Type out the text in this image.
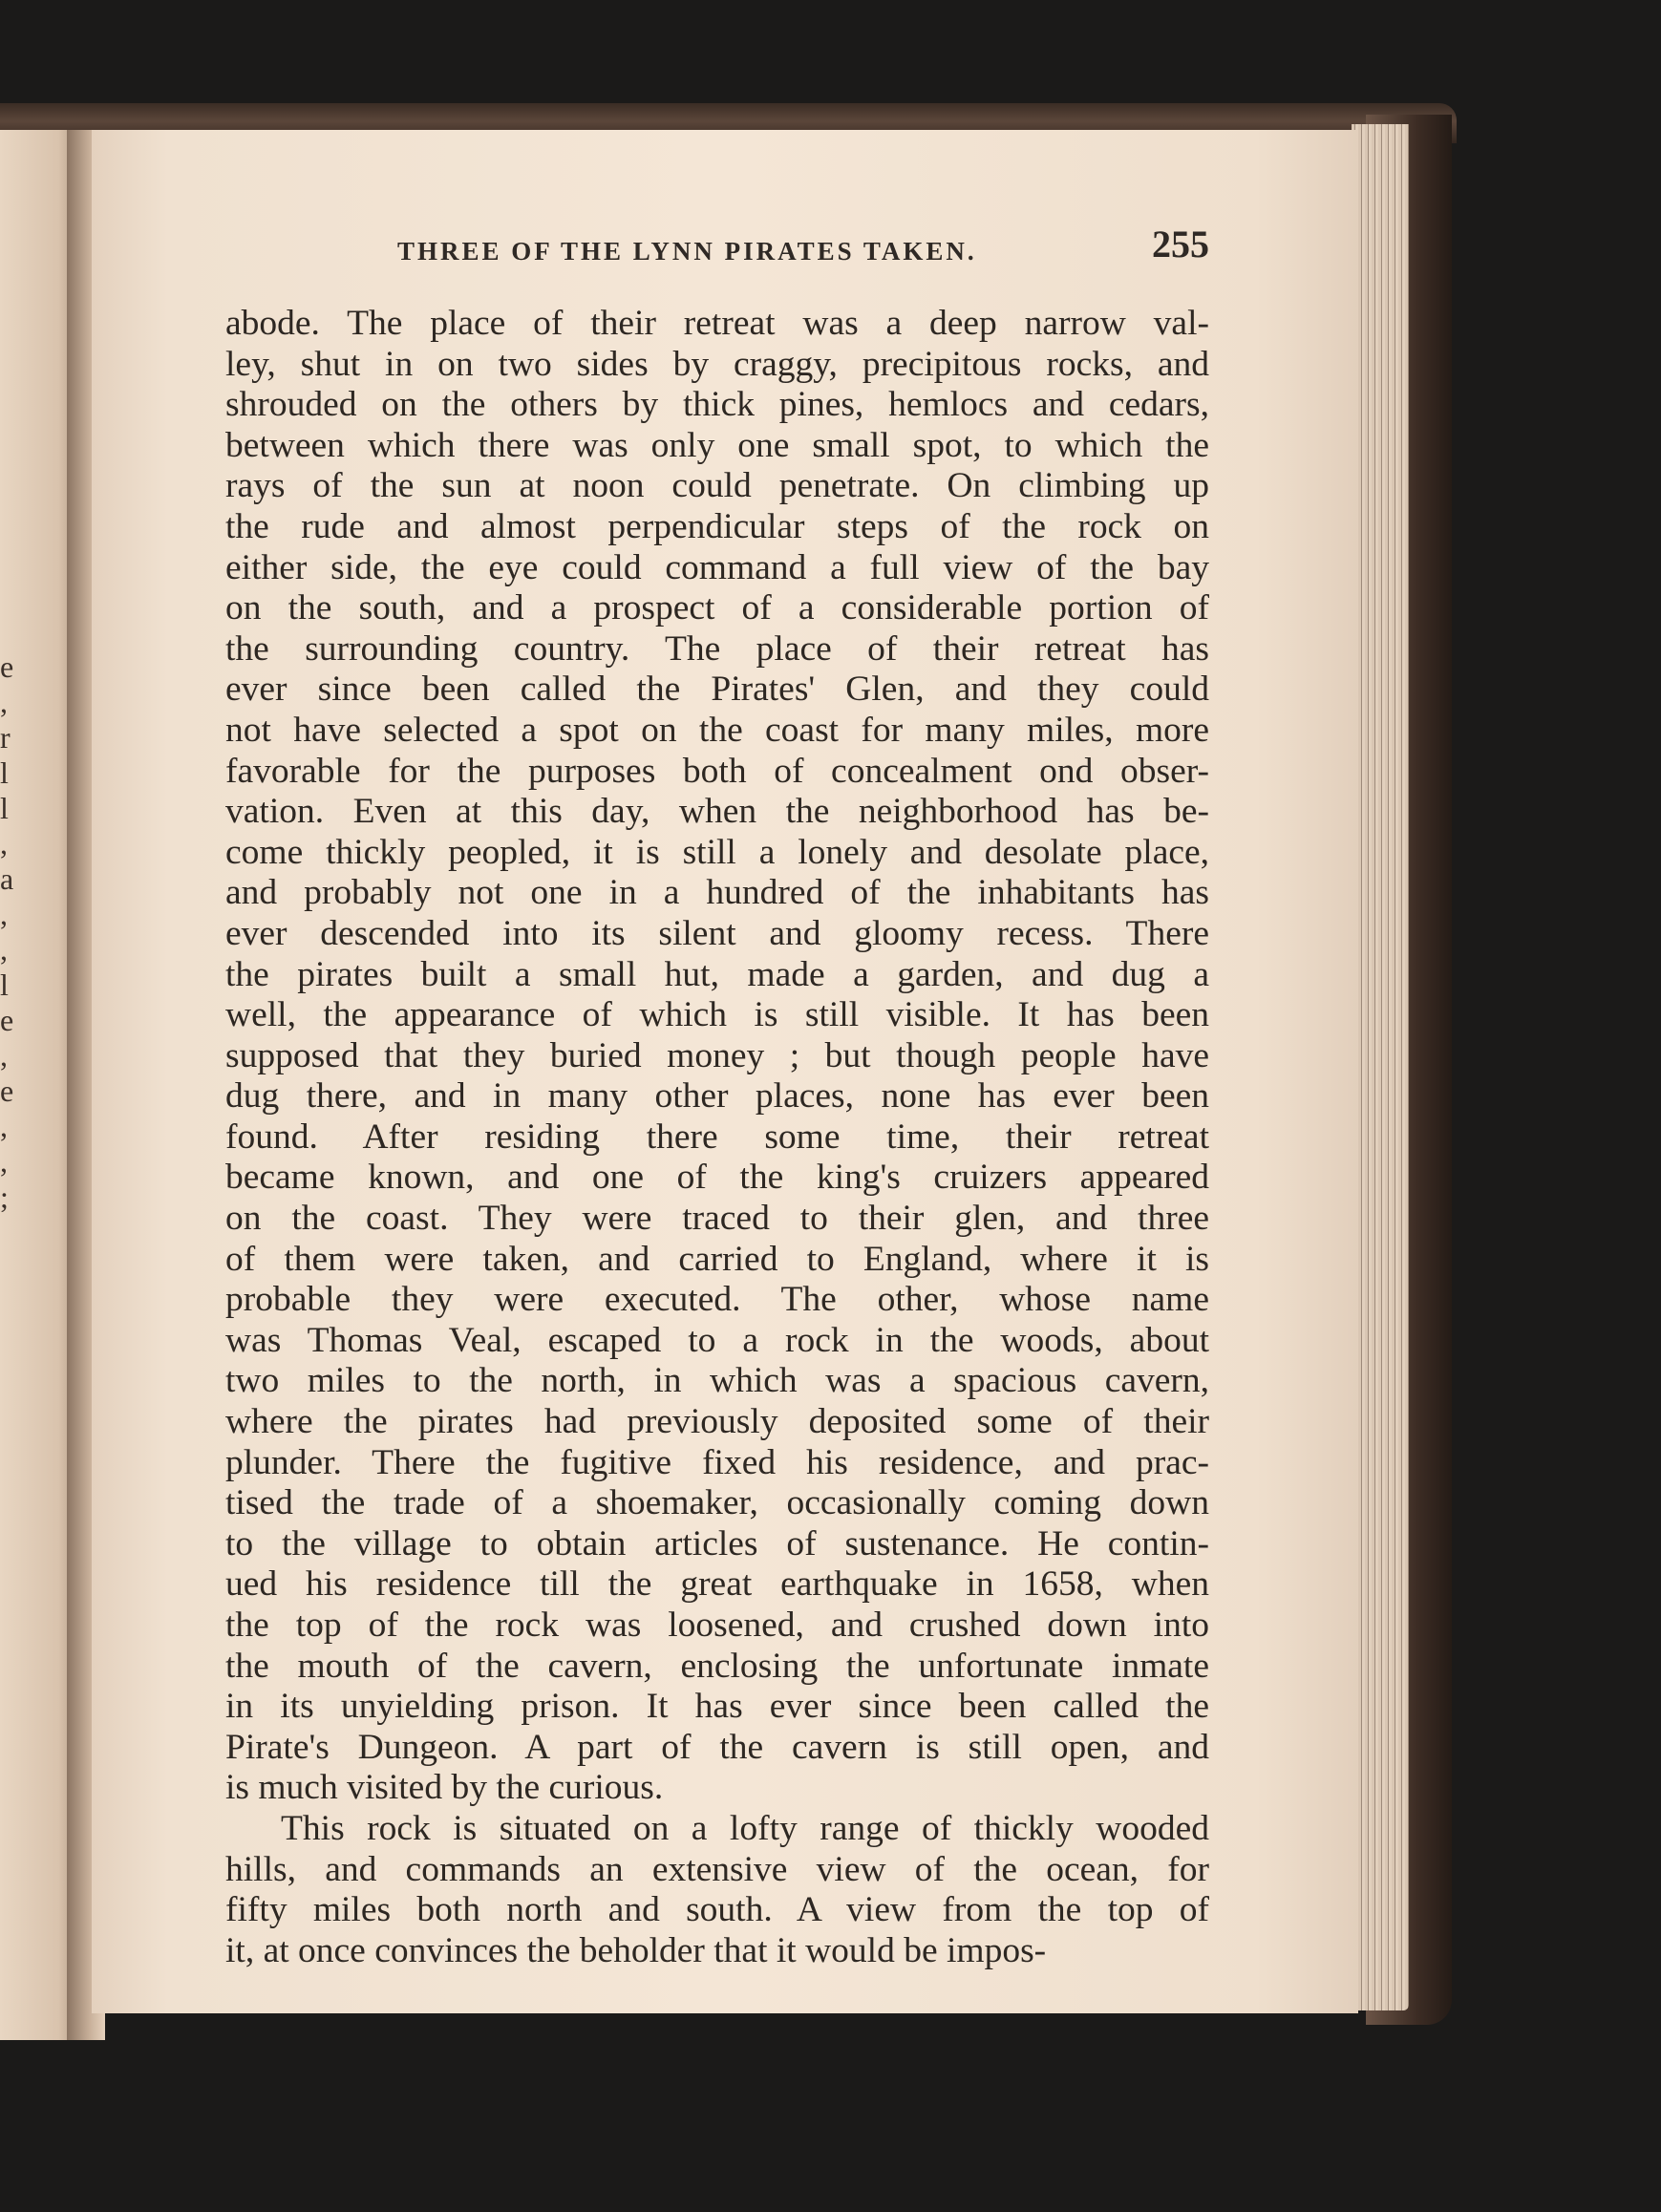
e
,
r
l
l
,
a
,
,
l
e
,
e
,
,
;
THREE OF THE LYNN PIRATES TAKEN.	255
abode. The place of their retreat was a deep narrow val-
ley, shut in on two sides by craggy, precipitous rocks, and
shrouded on the others by thick pines, hemlocs and cedars,
between which there was only one small spot, to which the
rays of the sun at noon could penetrate. On climbing up
the rude and almost perpendicular steps of the rock on
either side, the eye could command a full view of the bay
on the south, and a prospect of a considerable portion of
the surrounding country. The place of their retreat has
ever since been called the Pirates' Glen, and they could
not have selected a spot on the coast for many miles, more
favorable for the purposes both of concealment ond obser-
vation. Even at this day, when the neighborhood has be-
come thickly peopled, it is still a lonely and desolate place,
and probably not one in a hundred of the inhabitants has
ever descended into its silent and gloomy recess. There
the pirates built a small hut, made a garden, and dug a
well, the appearance of which is still visible. It has been
supposed that they buried money ; but though people have
dug there, and in many other places, none has ever been
found. After residing there some time, their retreat
became known, and one of the king's cruizers appeared
on the coast. They were traced to their glen, and three
of them were taken, and carried to England, where it is
probable they were executed. The other, whose name
was Thomas Veal, escaped to a rock in the woods, about
two miles to the north, in which was a spacious cavern,
where the pirates had previously deposited some of their
plunder. There the fugitive fixed his residence, and prac-
tised the trade of a shoemaker, occasionally coming down
to the village to obtain articles of sustenance. He contin-
ued his residence till the great earthquake in 1658, when
the top of the rock was loosened, and crushed down into
the mouth of the cavern, enclosing the unfortunate inmate
in its unyielding prison. It has ever since been called the
Pirate's Dungeon. A part of the cavern is still open, and
is much visited by the curious.
This rock is situated on a lofty range of thickly wooded
hills, and commands an extensive view of the ocean, for
fifty miles both north and south. A view from the top of
it, at once convinces the beholder that it would be impos-
